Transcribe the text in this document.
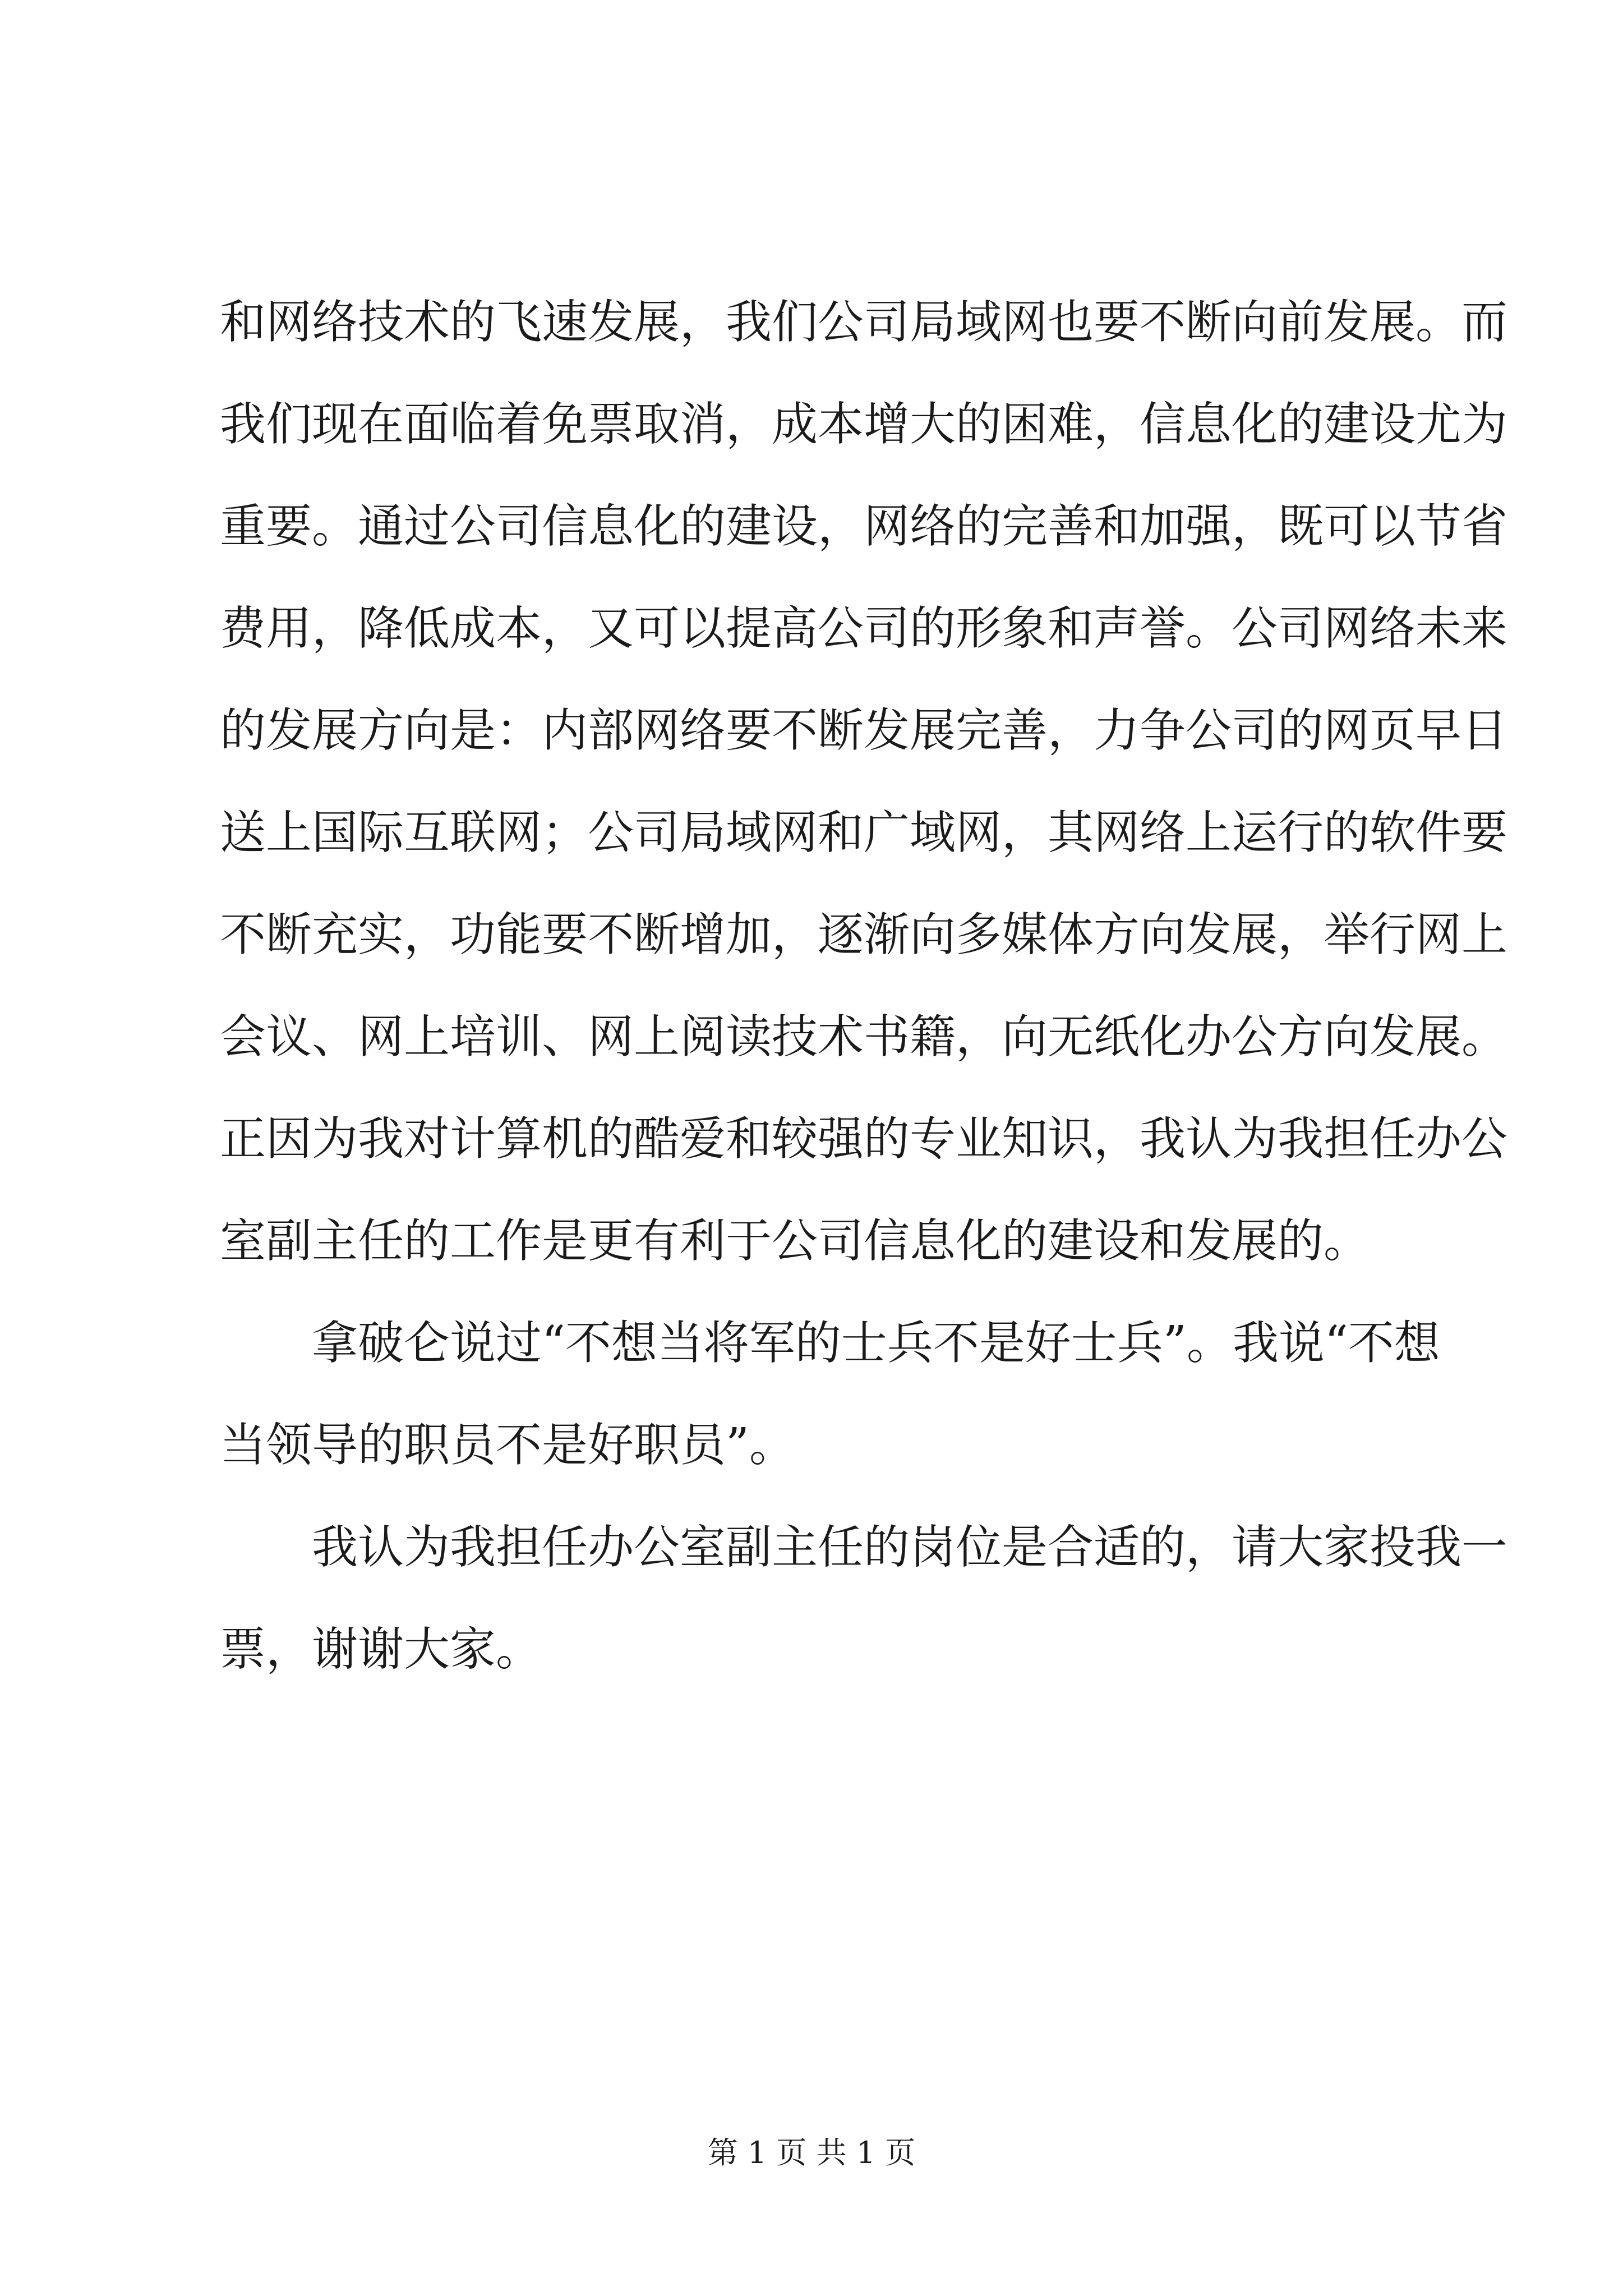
和网络技术的飞速发展，我们公司局域网也要不断向前发展。而
我们现在面临着免票取消，成本增大的困难，信息化的建设尤为
重要。通过公司信息化的建设，网络的完善和加强，既可以节省
费用，降低成本，又可以提高公司的形象和声誉。公司网络未来
的发展方向是：内部网络要不断发展完善，力争公司的网页早日
送上国际互联网；公司局域网和广域网，其网络上运行的软件要
不断充实，功能要不断增加，逐渐向多媒体方向发展，举行网上
会议、网上培训、网上阅读技术书籍，向无纸化办公方向发展。
正因为我对计算机的酷爱和较强的专业知识，我认为我担任办公
室副主任的工作是更有利于公司信息化的建设和发展的。
　　拿破仑说过“不想当将军的士兵不是好士兵”。我说“不想
当领导的职员不是好职员”。
　　我认为我担任办公室副主任的岗位是合适的，请大家投我一
票，谢谢大家。
第 1 页 共 1 页
